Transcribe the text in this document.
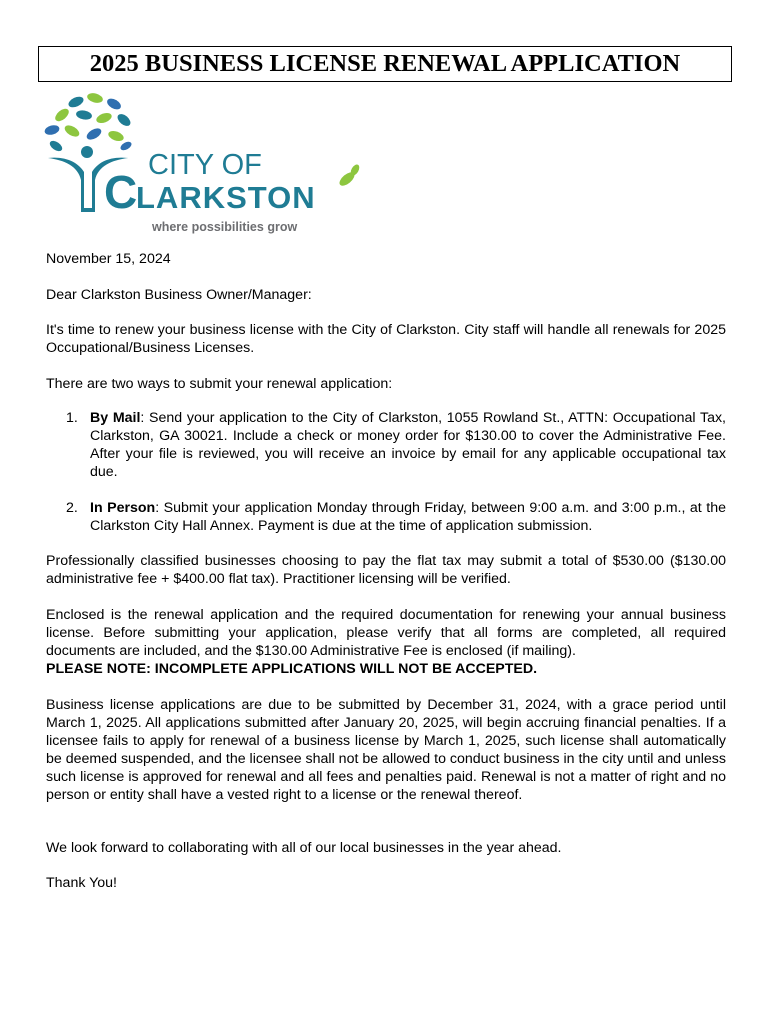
2025 BUSINESS LICENSE RENEWAL APPLICATION
CITY OF
C
LARKSTON
where possibilities grow

November 15, 2024

Dear Clarkston Business Owner/Manager:

It's time to renew your business license with the City of Clarkston. City staff will handle all renewals for 2025 Occupational/Business Licenses.

There are two ways to submit your renewal application:

1. By Mail: Send your application to the City of Clarkston, 1055 Rowland St., ATTN: Occupational Tax, Clarkston, GA 30021. Include a check or money order for $130.00 to cover the Administrative Fee. After your file is reviewed, you will receive an invoice by email for any applicable occupational tax due.
2. In Person: Submit your application Monday through Friday, between 9:00 a.m. and 3:00 p.m., at the Clarkston City Hall Annex. Payment is due at the time of application submission.

Professionally classified businesses choosing to pay the flat tax may submit a total of $530.00 ($130.00 administrative fee + $400.00 flat tax). Practitioner licensing will be verified.

Enclosed is the renewal application and the required documentation for renewing your annual business license. Before submitting your application, please verify that all forms are completed, all required documents are included, and the $130.00 Administrative Fee is enclosed (if mailing).

PLEASE NOTE: INCOMPLETE APPLICATIONS WILL NOT BE ACCEPTED.

Business license applications are due to be submitted by December 31, 2024, with a grace period until March 1, 2025. All applications submitted after January 20, 2025, will begin accruing financial penalties. If a licensee fails to apply for renewal of a business license by March 1, 2025, such license shall automatically be deemed suspended, and the licensee shall not be allowed to conduct business in the city until and unless such license is approved for renewal and all fees and penalties paid. Renewal is not a matter of right and no person or entity shall have a vested right to a license or the renewal thereof.

We look forward to collaborating with all of our local businesses in the year ahead.

Thank You!
